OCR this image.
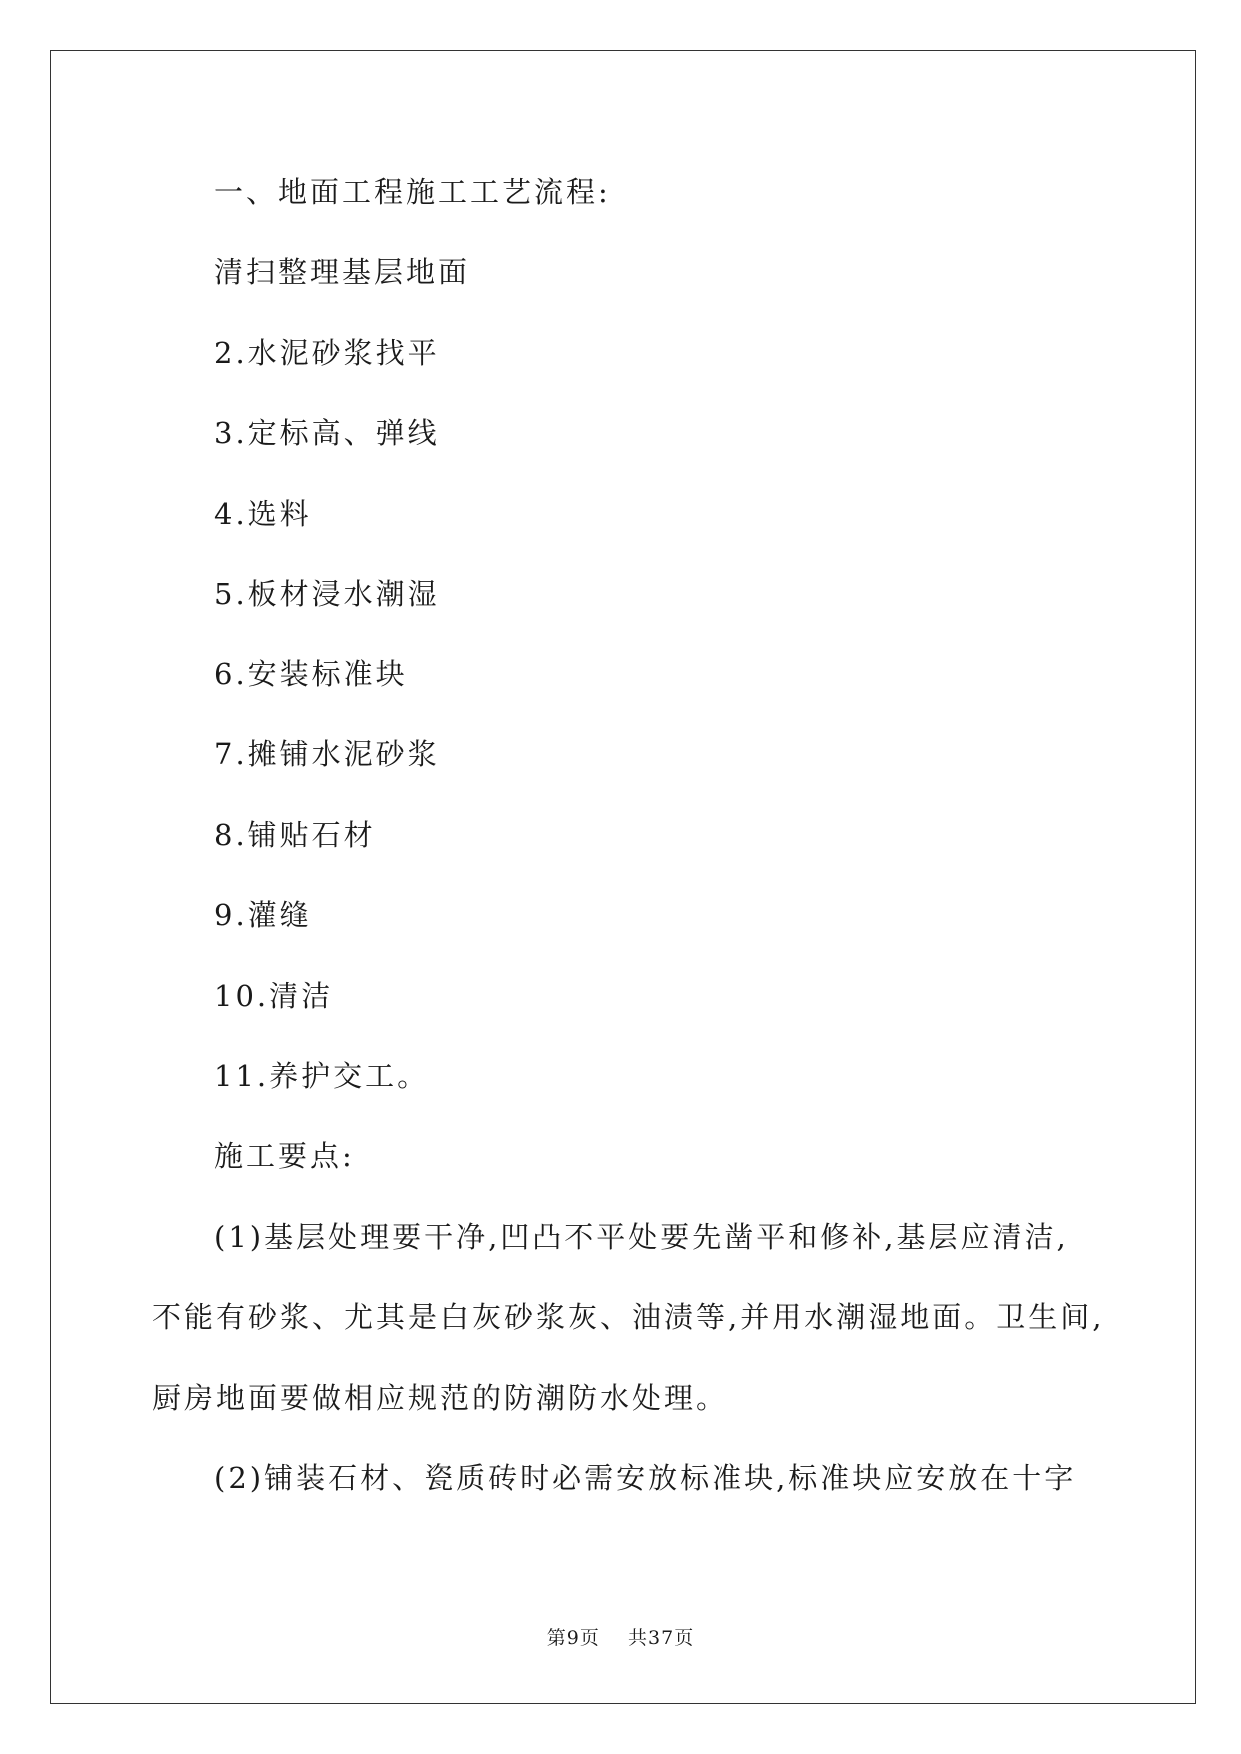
一、地面工程施工工艺流程:
清扫整理基层地面
2.水泥砂浆找平
3.定标高、弹线
4.选料
5.板材浸水潮湿
6.安装标准块
7.摊铺水泥砂浆
8.铺贴石材
9.灌缝
10.清洁
11.养护交工。
施工要点:
(1)基层处理要干净,凹凸不平处要先凿平和修补,基层应清洁,
不能有砂浆、尤其是白灰砂浆灰、油渍等,并用水潮湿地面。卫生间,
厨房地面要做相应规范的防潮防水处理。
(2)铺装石材、瓷质砖时必需安放标准块,标准块应安放在十字
第9页 共37页
